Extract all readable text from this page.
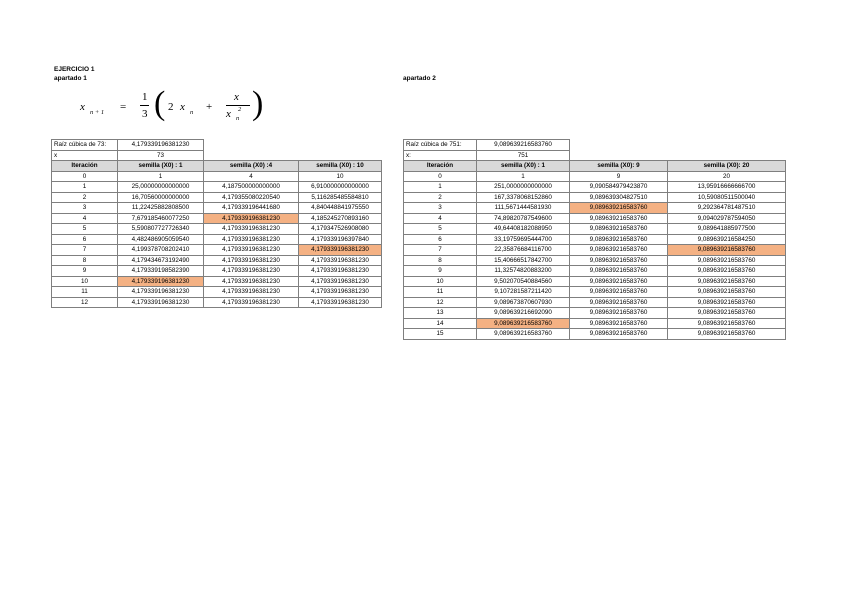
EJERCICIO 1
apartado 1	apartado 2
x n + 1 =
1
3 ( 2 x n +
x
x 2
n )
Raíz cúbica de 73:	4,179339196381230		
x	73		
Iteración	semilla (X0) : 1	semilla (X0) :4	semilla (X0) : 10
0	1	4	10
1	25,00000000000000	4,187500000000000	6,910000000000000
2	16,70560000000000	4,179355080220540	5,116285485584810
3	11,22425882808500	4,179339196441680	4,840448841975550
4	7,679185460077250	4,179339196381230	4,185245270893160
5	5,590807727726340	4,179339196381230	4,179347526908080
6	4,482486905059540	4,179339196381230	4,179339196397840
7	4,199378708202410	4,179339196381230	4,179339196381230
8	4,179434673192490	4,179339196381230	4,179339196381230
9	4,179339198582390	4,179339196381230	4,179339196381230
10	4,179339196381230	4,179339196381230	4,179339196381230
11	4,179339196381230	4,179339196381230	4,179339196381230
12	4,179339196381230	4,179339196381230	4,179339196381230
Raíz cúbica de 751:	9,089639216583760		
x:	751		
Iteración	semilla (X0) : 1	semilla (X0): 9	semilla (X0): 20
0	1	9	20
1	251,0000000000000	9,090584979423870	13,95916666666700
2	167,3378068152860	9,089639304827510	10,59080511500040
3	111,5671444581930	9,089639216583760	9,292364781487510
4	74,89820787549600	9,089639216583760	9,094029787594050
5	49,64408182088950	9,089639216583760	9,089641885977500
6	33,19759695444700	9,089639216583760	9,089639216584250
7	22,35876684116700	9,089639216583760	9,089639216583760
8	15,40666517842700	9,089639216583760	9,089639216583760
9	11,32574820883200	9,089639216583760	9,089639216583760
10	9,502070540884560	9,089639216583760	9,089639216583760
11	9,107281587211420	9,089639216583760	9,089639216583760
12	9,089673870607930	9,089639216583760	9,089639216583760
13	9,089639216692090	9,089639216583760	9,089639216583760
14	9,089639216583760	9,089639216583760	9,089639216583760
15	9,089639216583760	9,089639216583760	9,089639216583760
